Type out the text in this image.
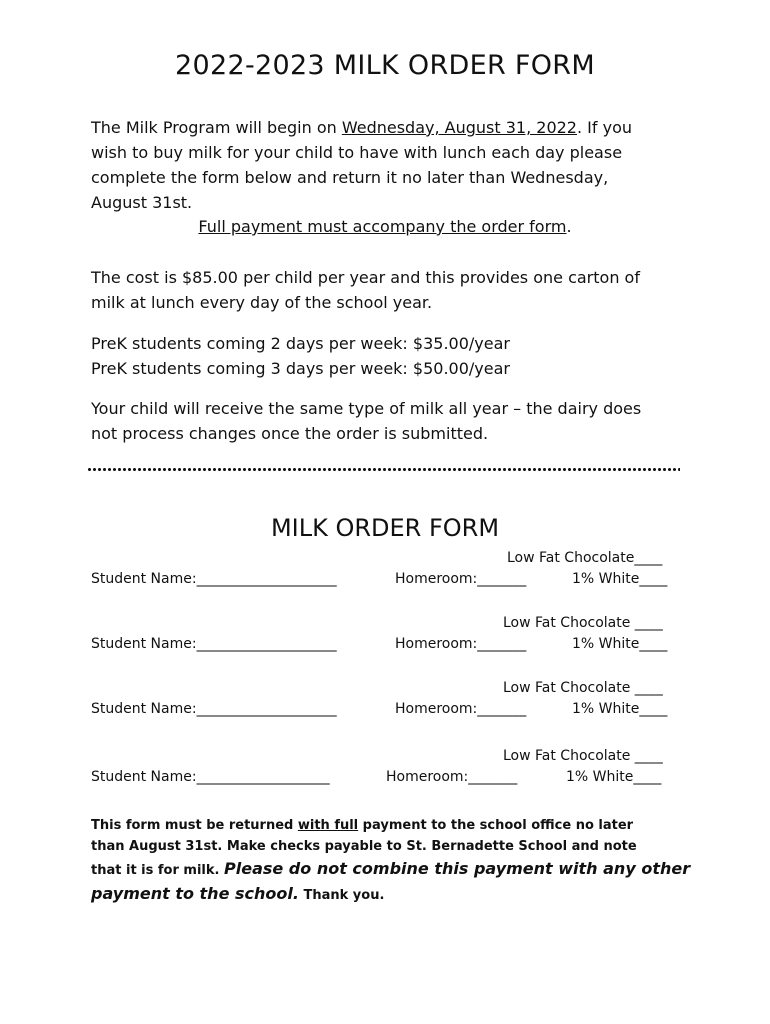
2022-2023 MILK ORDER FORM
The Milk Program will begin on Wednesday, August 31, 2022. If you
wish to buy milk for your child to have with lunch each day please
complete the form below and return it no later than Wednesday,
August 31st.
Full payment must accompany the order form.
The cost is $85.00 per child per year and this provides one carton of
milk at lunch every day of the school year.
PreK students coming 2 days per week: $35.00/year
PreK students coming 3 days per week: $50.00/year
Your child will receive the same type of milk all year – the dairy does
not process changes once the order is submitted.
MILK ORDER FORM
Low Fat Chocolate____
Student Name:____________________	Homeroom:_______	1% White____
Low Fat Chocolate ____
Student Name:____________________	Homeroom:_______	1% White____
Low Fat Chocolate ____
Student Name:____________________	Homeroom:_______	1% White____
Low Fat Chocolate ____
Student Name:___________________	Homeroom:_______	1% White____
This form must be returned with full payment to the school office no later
than August 31st. Make checks payable to St. Bernadette School and note
that it is for milk. Please do not combine this payment with any other
payment to the school. Thank you.
